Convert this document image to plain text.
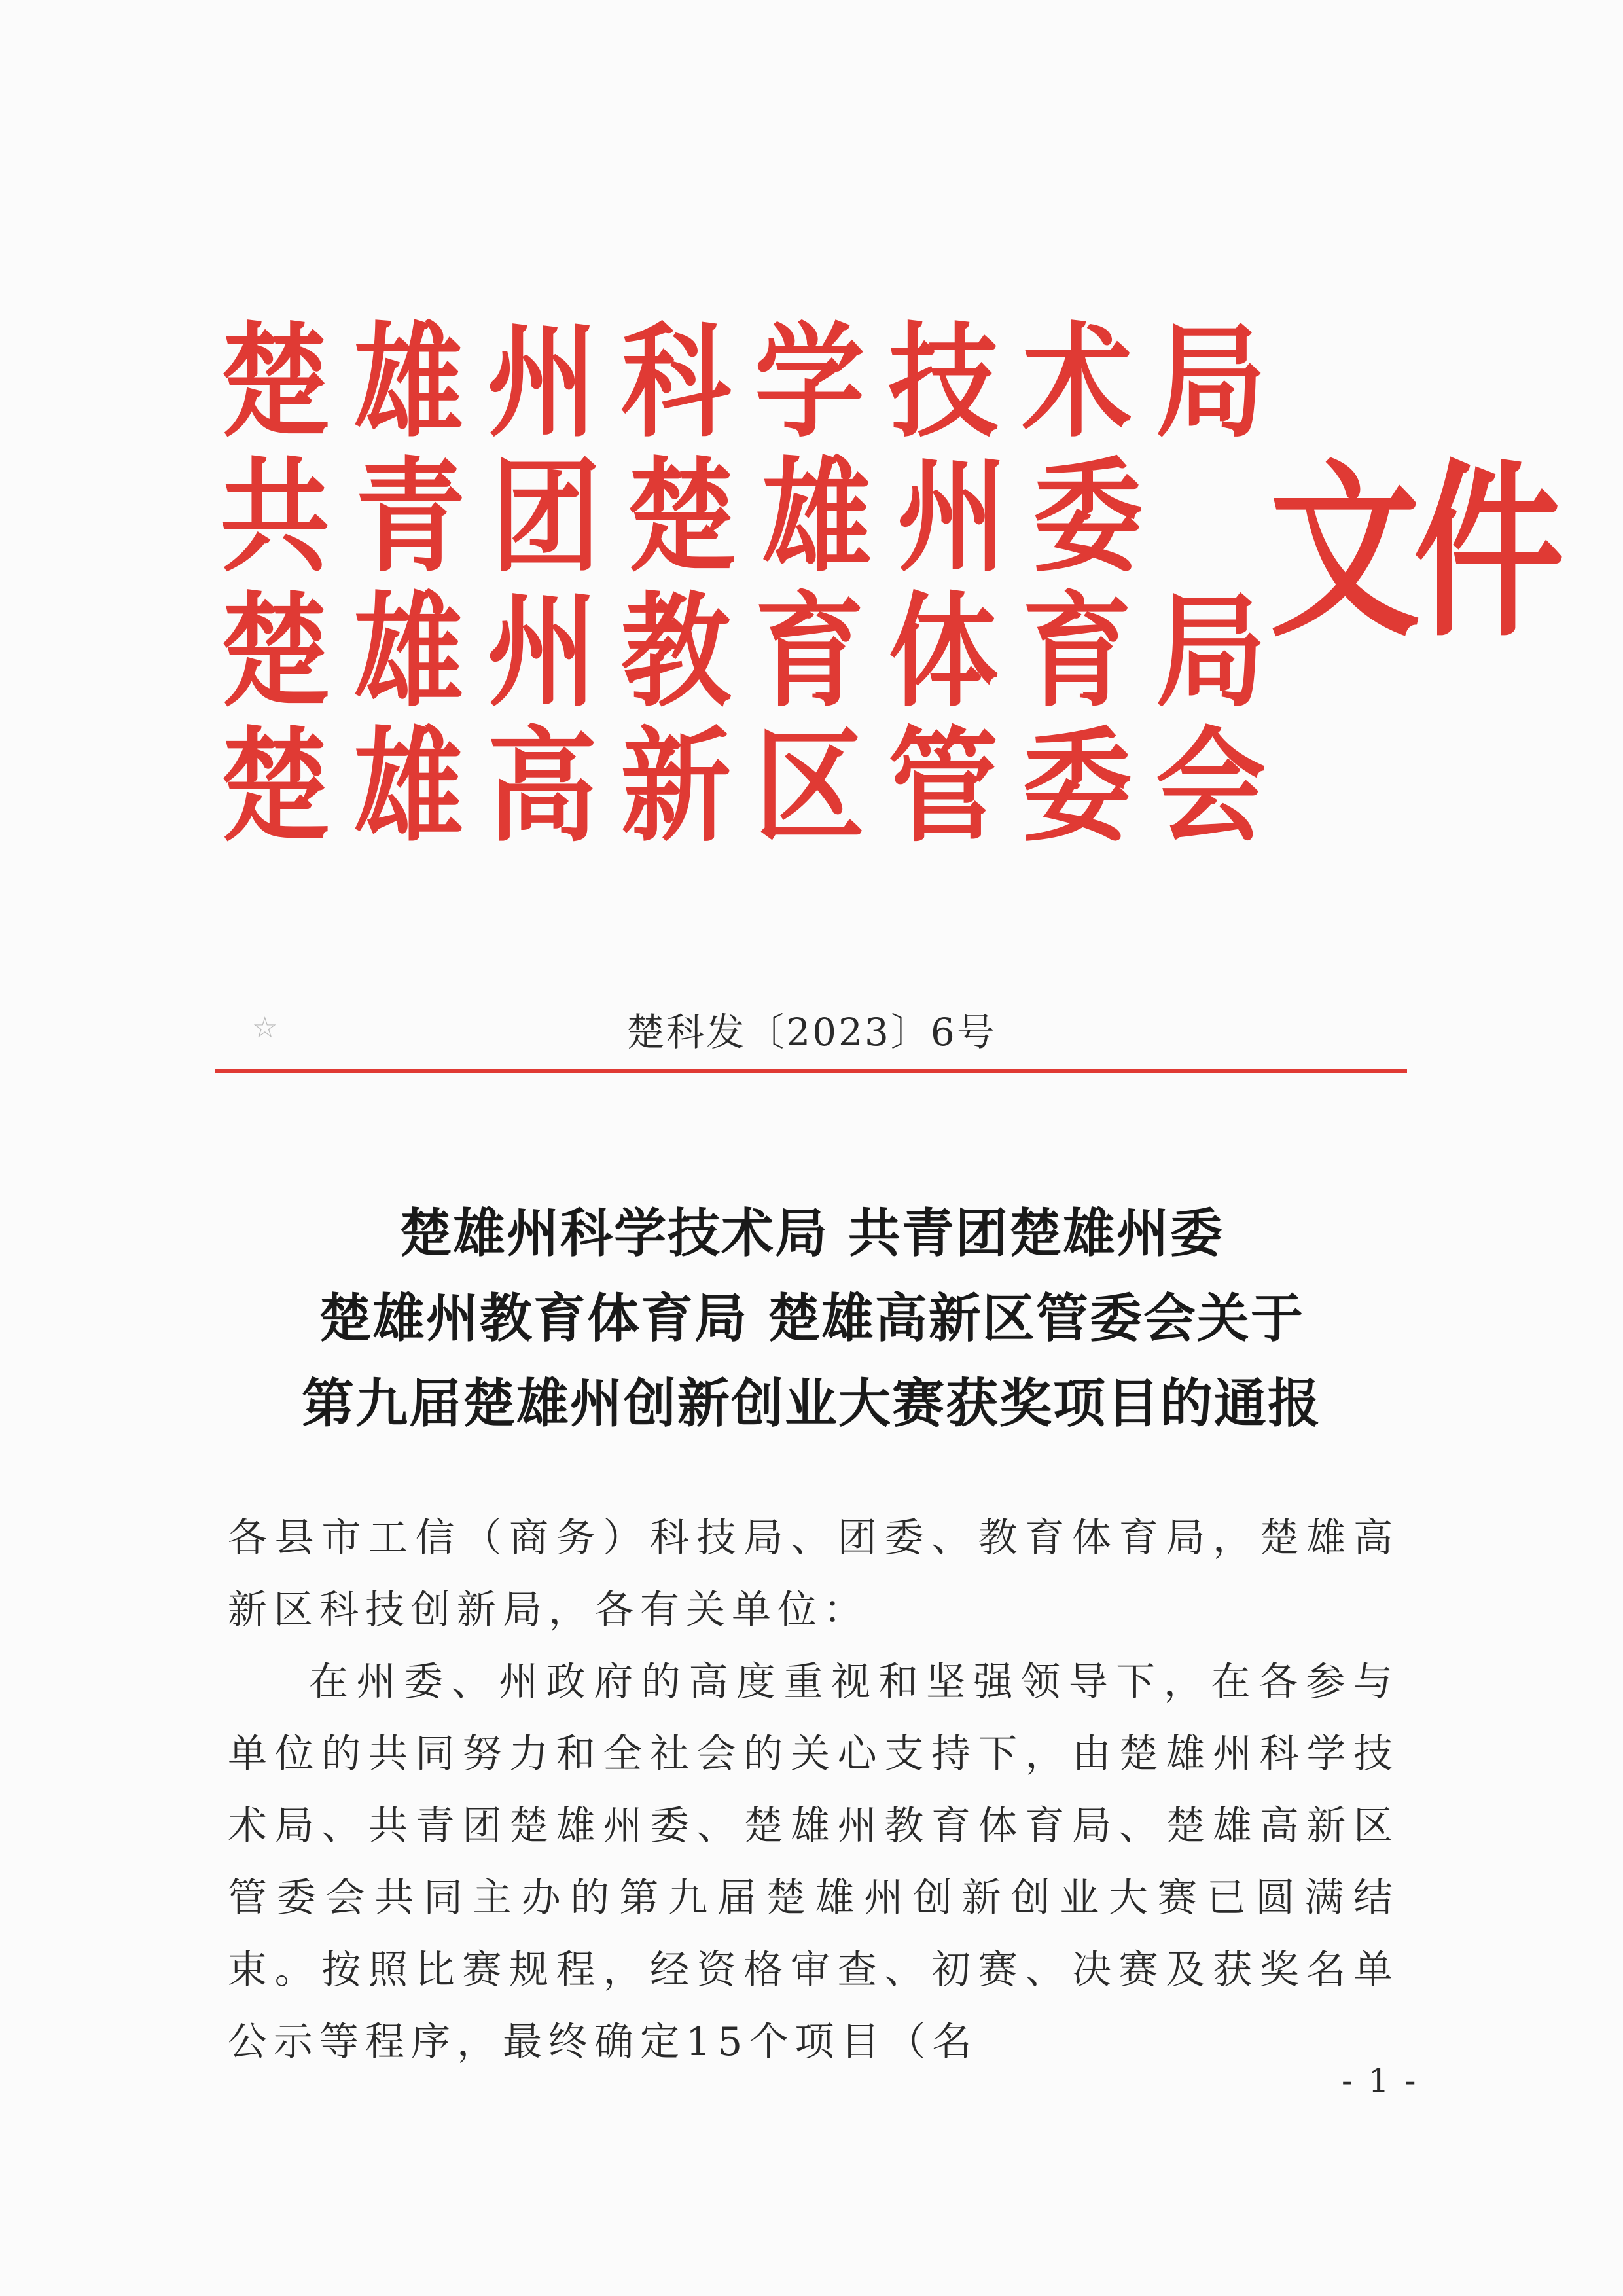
楚 雄 州 科 学 技 术 局
共 青 团 楚 雄 州 委
楚 雄 州 教 育 体 育 局
楚 雄 高 新 区 管 委 会
文件
☆	楚科发〔2023〕6号
楚雄州科学技术局 共青团楚雄州委
楚雄州教育体育局 楚雄高新区管委会关于
第九届楚雄州创新创业大赛获奖项目的通报

各县市工信（商务）科技局、团委、教育体育局，楚雄高新区科技创新局，各有关单位：

在州委、州政府的高度重视和坚强领导下，在各参与单位的共同努力和全社会的关心支持下，由楚雄州科学技术局、共青团楚雄州委、楚雄州教育体育局、楚雄高新区管委会共同主办的第九届楚雄州创新创业大赛已圆满结束。按照比赛规程，经资格审查、初赛、决赛及获奖名单公示等程序，最终确定15个项目（名

- 1 -
